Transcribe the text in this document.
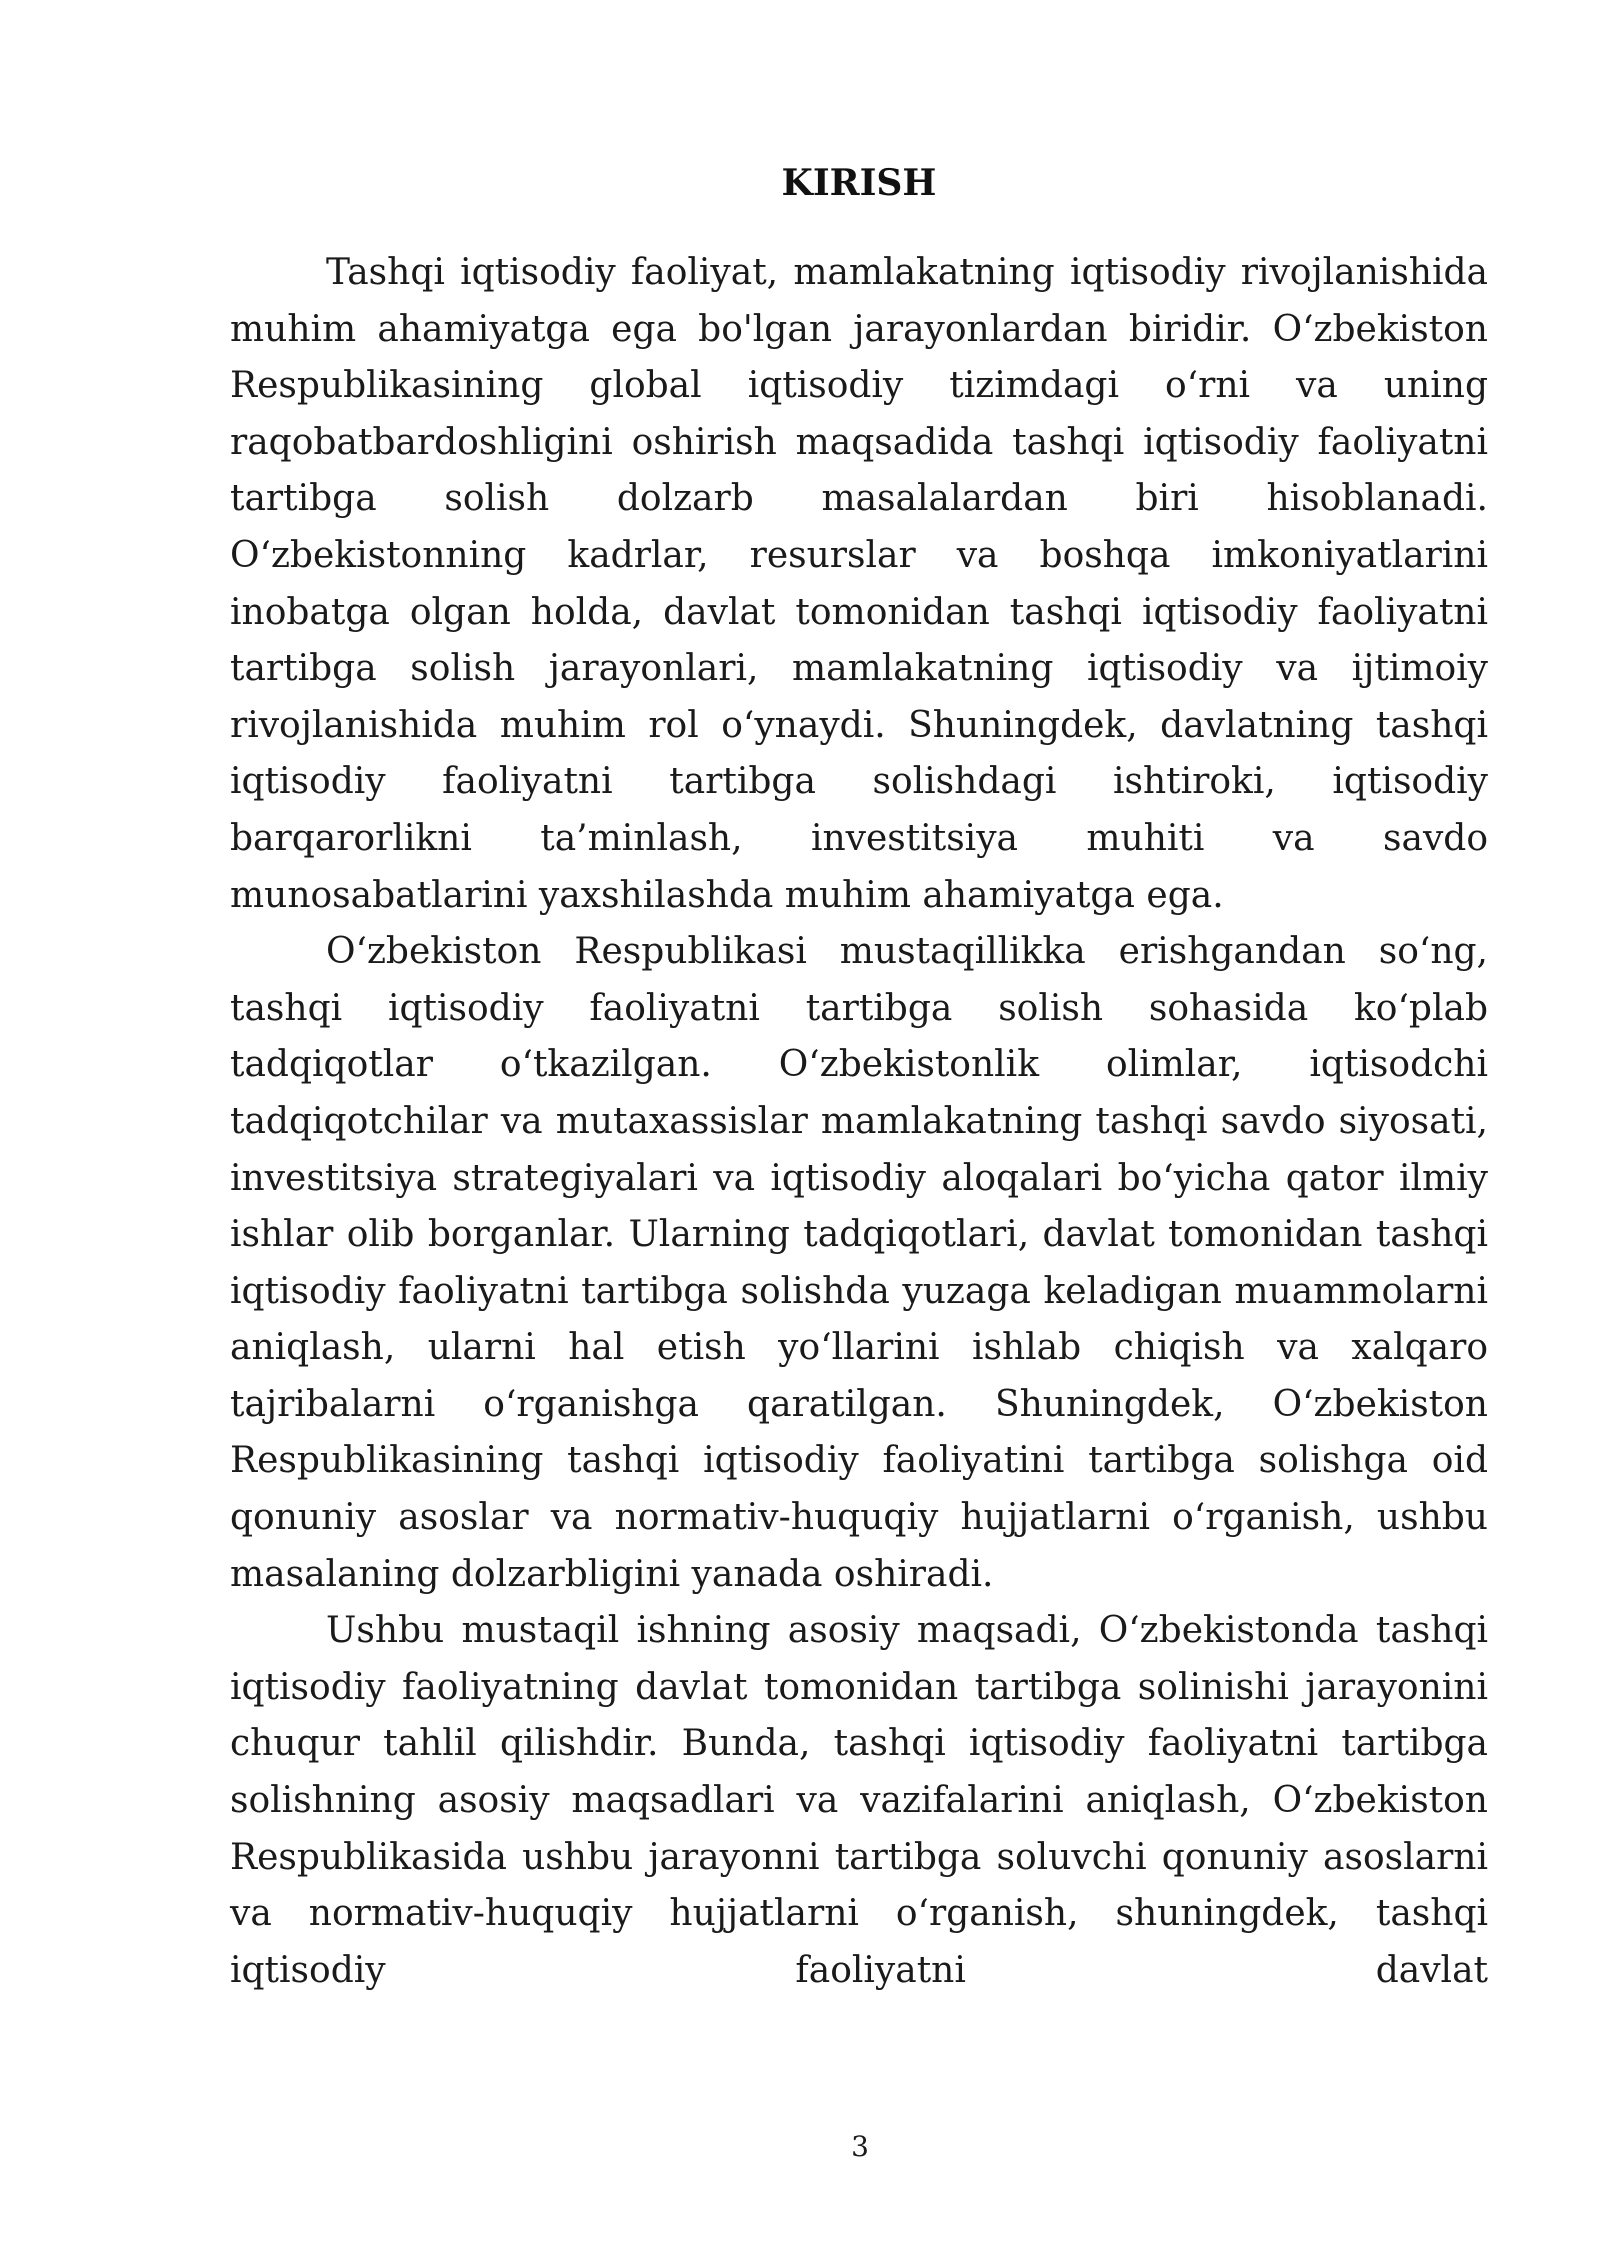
KIRISH

Tashqi iqtisodiy faoliyat, mamlakatning iqtisodiy rivojlanishida muhim ahamiyatga ega bo'lgan jarayonlardan biridir. O‘zbekiston Respublikasining global iqtisodiy tizimdagi o‘rni va uning raqobatbardoshligini oshirish maqsadida tashqi iqtisodiy faoliyatni tartibga solish dolzarb masalalardan biri hisoblanadi. O‘zbekistonning kadrlar, resurslar va boshqa imkoniyatlarini inobatga olgan holda, davlat tomonidan tashqi iqtisodiy faoliyatni tartibga solish jarayonlari, mamlakatning iqtisodiy va ijtimoiy rivojlanishida muhim rol o‘ynaydi. Shuningdek, davlatning tashqi iqtisodiy faoliyatni tartibga solishdagi ishtiroki, iqtisodiy barqarorlikni ta’minlash, investitsiya muhiti va savdo munosabatlarini yaxshilashda muhim ahamiyatga ega.

O‘zbekiston Respublikasi mustaqillikka erishgandan so‘ng, tashqi iqtisodiy faoliyatni tartibga solish sohasida ko‘plab tadqiqotlar o‘tkazilgan. O‘zbekistonlik olimlar, iqtisodchi tadqiqotchilar va mutaxassislar mamlakatning tashqi savdo siyosati, investitsiya strategiyalari va iqtisodiy aloqalari bo‘yicha qator ilmiy ishlar olib borganlar. Ularning tadqiqotlari, davlat tomonidan tashqi iqtisodiy faoliyatni tartibga solishda yuzaga keladigan muammolarni aniqlash, ularni hal etish yo‘llarini ishlab chiqish va xalqaro tajribalarni o‘rganishga qaratilgan. Shuningdek, O‘zbekiston Respublikasining tashqi iqtisodiy faoliyatini tartibga solishga oid qonuniy asoslar va normativ-huquqiy hujjatlarni o‘rganish, ushbu masalaning dolzarbligini yanada oshiradi.

Ushbu mustaqil ishning asosiy maqsadi, O‘zbekistonda tashqi iqtisodiy faoliyatning davlat tomonidan tartibga solinishi jarayonini chuqur tahlil qilishdir. Bunda, tashqi iqtisodiy faoliyatni tartibga solishning asosiy maqsadlari va vazifalarini aniqlash, O‘zbekiston Respublikasida ushbu jarayonni tartibga soluvchi qonuniy asoslarni va normativ-huquqiy hujjatlarni o‘rganish, shuningdek, tashqi iqtisodiy faoliyatni davlat

3
